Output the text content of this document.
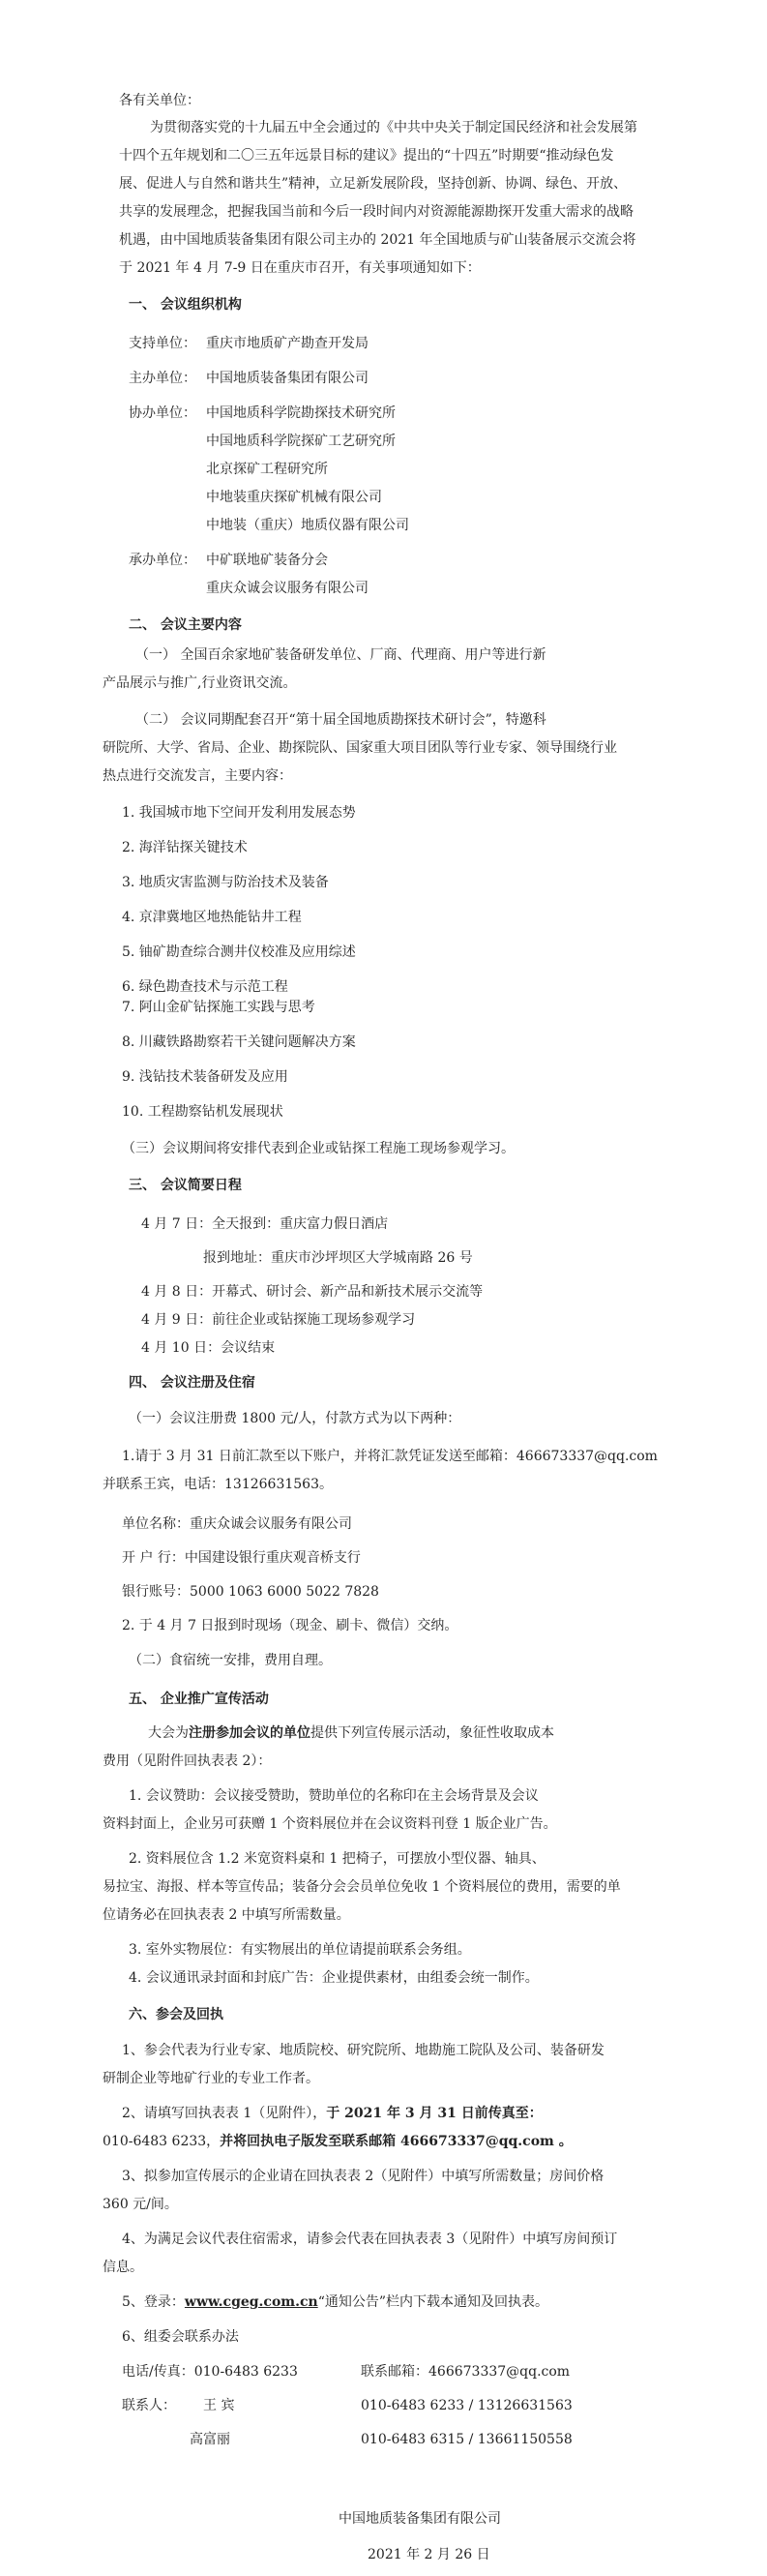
各有关单位：
为贯彻落实党的十九届五中全会通过的《中共中央关于制定国民经济和社会发展第
十四个五年规划和二〇三五年远景目标的建议》提出的“十四五”时期要“推动绿色发
展、促进人与自然和谐共生”精神，立足新发展阶段，坚持创新、协调、绿色、开放、
共享的发展理念，把握我国当前和今后一段时间内对资源能源勘探开发重大需求的战略
机遇，由中国地质装备集团有限公司主办的 2021 年全国地质与矿山装备展示交流会将
于 2021 年 4 月 7-9 日在重庆市召开，有关事项通知如下：
一、 会议组织机构
支持单位： 重庆市地质矿产勘查开发局
主办单位： 中国地质装备集团有限公司
协办单位： 中国地质科学院勘探技术研究所
中国地质科学院探矿工艺研究所
北京探矿工程研究所
中地装重庆探矿机械有限公司
中地装（重庆）地质仪器有限公司
承办单位： 中矿联地矿装备分会
重庆众诚会议服务有限公司
二、 会议主要内容
（一） 全国百余家地矿装备研发单位、厂商、代理商、用户等进行新
产品展示与推广,行业资讯交流。
（二） 会议同期配套召开“第十届全国地质勘探技术研讨会”，特邀科
研院所、大学、省局、企业、勘探院队、国家重大项目团队等行业专家、领导围绕行业
热点进行交流发言，主要内容：
1. 我国城市地下空间开发利用发展态势
2. 海洋钻探关键技术
3. 地质灾害监测与防治技术及装备
4. 京津冀地区地热能钻井工程
5. 铀矿勘查综合测井仪校准及应用综述
6. 绿色勘查技术与示范工程
7. 阿山金矿钻探施工实践与思考
8. 川藏铁路勘察若干关键问题解决方案
9. 浅钻技术装备研发及应用
10. 工程勘察钻机发展现状
（三）会议期间将安排代表到企业或钻探工程施工现场参观学习。
三、 会议简要日程
4 月 7 日：全天报到：重庆富力假日酒店
报到地址：重庆市沙坪坝区大学城南路 26 号
4 月 8 日：开幕式、研讨会、新产品和新技术展示交流等
4 月 9 日：前往企业或钻探施工现场参观学习
4 月 10 日：会议结束
四、 会议注册及住宿
（一）会议注册费 1800 元/人，付款方式为以下两种：
1.请于 3 月 31 日前汇款至以下账户，并将汇款凭证发送至邮箱：466673337@qq.com
并联系王宾，电话：13126631563。
单位名称：重庆众诚会议服务有限公司
开 户 行：中国建设银行重庆观音桥支行
银行账号：5000 1063 6000 5022 7828
2. 于 4 月 7 日报到时现场（现金、刷卡、微信）交纳。
（二）食宿统一安排，费用自理。
五、 企业推广宣传活动
大会为注册参加会议的单位提供下列宣传展示活动，象征性收取成本
费用（见附件回执表表 2）：
1. 会议赞助：会议接受赞助，赞助单位的名称印在主会场背景及会议
资料封面上，企业另可获赠 1 个资料展位并在会议资料刊登 1 版企业广告。
2. 资料展位含 1.2 米宽资料桌和 1 把椅子，可摆放小型仪器、轴具、
易拉宝、海报、样本等宣传品；装备分会会员单位免收 1 个资料展位的费用，需要的单
位请务必在回执表表 2 中填写所需数量。
3. 室外实物展位：有实物展出的单位请提前联系会务组。
4. 会议通讯录封面和封底广告：企业提供素材，由组委会统一制作。
六、参会及回执
1、参会代表为行业专家、地质院校、研究院所、地勘施工院队及公司、装备研发
研制企业等地矿行业的专业工作者。
2、请填写回执表表 1（见附件），于 2021 年 3 月 31 日前传真至：
010-6483 6233，并将回执电子版发至联系邮箱 466673337@qq.com 。
3、拟参加宣传展示的企业请在回执表表 2（见附件）中填写所需数量；房间价格
360 元/间。
4、为满足会议代表住宿需求，请参会代表在回执表表 3（见附件）中填写房间预订
信息。
5、登录：www.cgeg.com.cn“通知公告”栏内下载本通知及回执表。
6、组委会联系办法
电话/传真：010-6483 6233	联系邮箱：466673337@qq.com
联系人： 王 宾	010-6483 6233 / 13126631563
高富丽	010-6483 6315 / 13661150558
中国地质装备集团有限公司
2021 年 2 月 26 日
